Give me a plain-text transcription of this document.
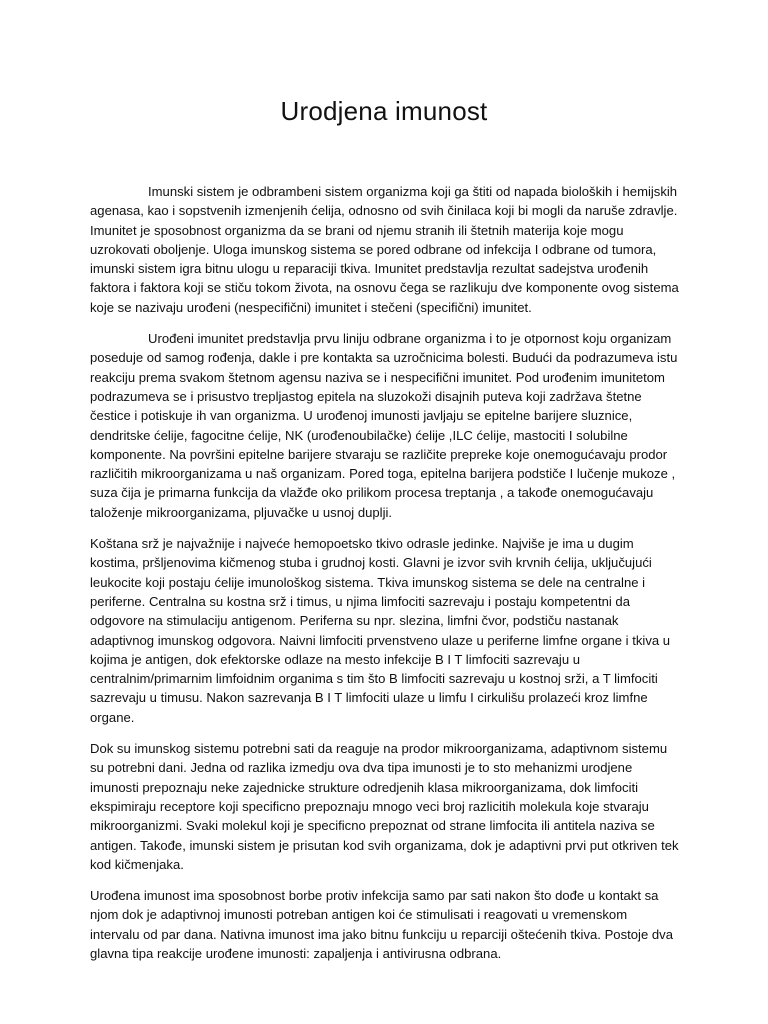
Urodjena imunost

Imunski sistem je odbrambeni sistem organizma koji ga štiti od napada bioloških i hemijskih agenasa, kao i sopstvenih izmenjenih ćelija, odnosno od svih činilaca koji bi mogli da naruše zdravlje. Imunitet je sposobnost organizma da se brani od njemu stranih ili štetnih materija koje mogu uzrokovati oboljenje. Uloga imunskog sistema se pored odbrane od infekcija I odbrane od tumora, imunski sistem igra bitnu ulogu u reparaciji tkiva. Imunitet predstavlja rezultat sadejstva urođenih faktora i faktora koji se stiču tokom života, na osnovu čega se razlikuju dve komponente ovog sistema koje se nazivaju urođeni (nespecifični) imunitet i stečeni (specifični) imunitet.

Urođeni imunitet predstavlja prvu liniju odbrane organizma i to je otpornost koju organizam poseduje od samog rođenja, dakle i pre kontakta sa uzročnicima bolesti. Budući da podrazumeva istu reakciju prema svakom štetnom agensu naziva se i nespecifični imunitet. Pod urođenim imunitetom podrazumeva se i prisustvo trepljastog epitela na sluzokoži disajnih puteva koji zadržava štetne čestice i potiskuje ih van organizma. U urođenoj imunosti javljaju se epitelne barijere sluznice, dendritske ćelije, fagocitne ćelije, NK (urođenoubilačke) ćelije ,ILC ćelije, mastociti I solubilne komponente. Na površini epitelne barijere stvaraju se različite prepreke koje onemogućavaju prodor različitih mikroorganizama u naš organizam. Pored toga, epitelna barijera podstiče I lučenje mukoze , suza čija je primarna funkcija da vlažđe oko prilikom procesa treptanja , a takođe onemogućavaju taloženje mikroorganizama, pljuvačke u usnoj duplji.

Koštana srž je najvažnije i najveće hemopoetsko tkivo odrasle jedinke. Najviše je ima u dugim kostima, pršljenovima kičmenog stuba i grudnoj kosti. Glavni je izvor svih krvnih ćelija, uključujući leukocite koji postaju ćelije imunološkog sistema. Tkiva imunskog sistema se dele na centralne i periferne. Centralna su kostna srž i timus, u njima limfociti sazrevaju i postaju kompetentni da odgovore na stimulaciju antigenom. Periferna su npr. slezina, limfni čvor, podstiču nastanak adaptivnog imunskog odgovora. Naivni limfociti prvenstveno ulaze u periferne limfne organe i tkiva u kojima je antigen, dok efektorske odlaze na mesto infekcije B I T limfociti sazrevaju u centralnim/primarnim limfoidnim organima s tim što B limfociti sazrevaju u kostnoj srži, a T limfociti sazrevaju u timusu. Nakon sazrevanja B I T limfociti ulaze u limfu I cirkulišu prolazeći kroz limfne organe.

Dok su imunskog sistemu potrebni sati da reaguje na prodor mikroorganizama, adaptivnom sistemu su potrebni dani. Jedna od razlika izmedju ova dva tipa imunosti je to sto mehanizmi urodjene imunosti prepoznaju neke zajednicke strukture odredjenih klasa mikroorganizama, dok limfociti ekspimiraju receptore koji specificno prepoznaju mnogo veci broj razlicitih molekula koje stvaraju mikroorganizmi. Svaki molekul koji je specificno prepoznat od strane limfocita ili antitela naziva se antigen. Takođe, imunski sistem je prisutan kod svih organizama, dok je adaptivni prvi put otkriven tek kod kičmenjaka.

Urođena imunost ima sposobnost borbe protiv infekcija samo par sati nakon što dođe u kontakt sa njom dok je adaptivnoj imunosti potreban antigen koi će stimulisati i reagovati u vremenskom intervalu od par dana. Nativna imunost ima jako bitnu funkciju u reparciji oštećenih tkiva. Postoje dva glavna tipa reakcije urođene imunosti: zapaljenja i antivirusna odbrana.
